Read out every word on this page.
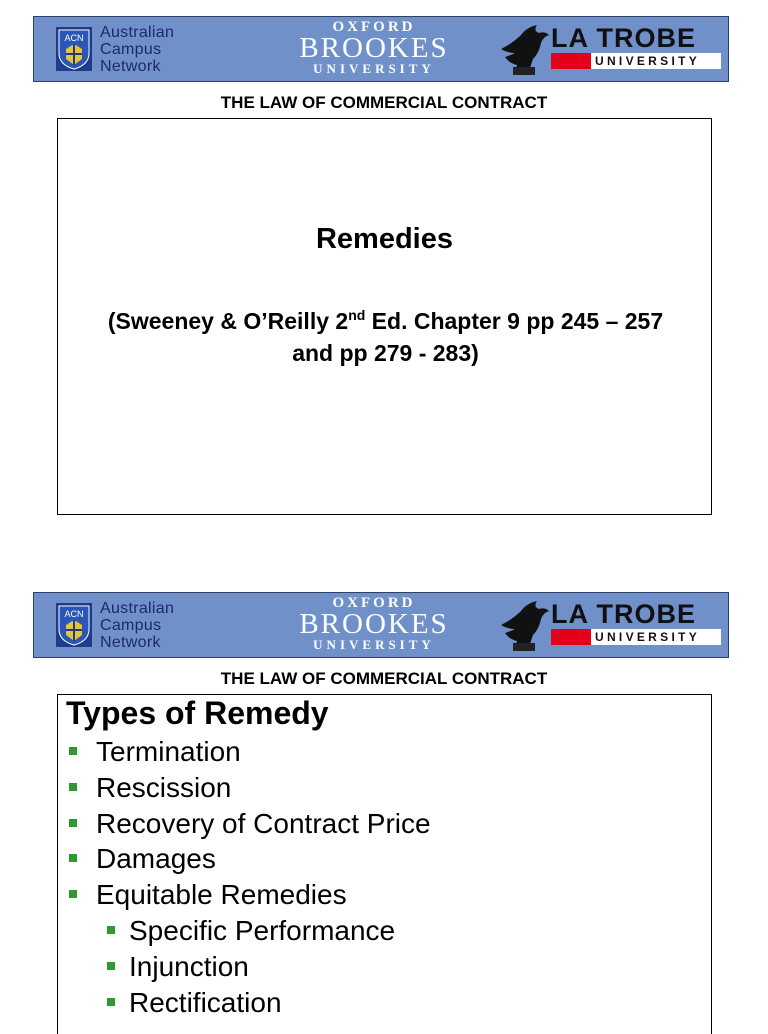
ACN Australian
Campus
Network
OXFORD
BROOKES
UNIVERSITY
LA TROBE
UNIVERSITY
THE LAW OF COMMERCIAL CONTRACT
Remedies
(Sweeney & O’Reilly 2nd Ed. Chapter 9 pp 245 – 257 and pp 279 - 283)
ACN Australian
Campus
Network
OXFORD
BROOKES
UNIVERSITY
LA TROBE
UNIVERSITY
THE LAW OF COMMERCIAL CONTRACT
Types of Remedy
Termination
Rescission
Recovery of Contract Price
Damages
Equitable Remedies
Specific Performance
Injunction
Rectification
